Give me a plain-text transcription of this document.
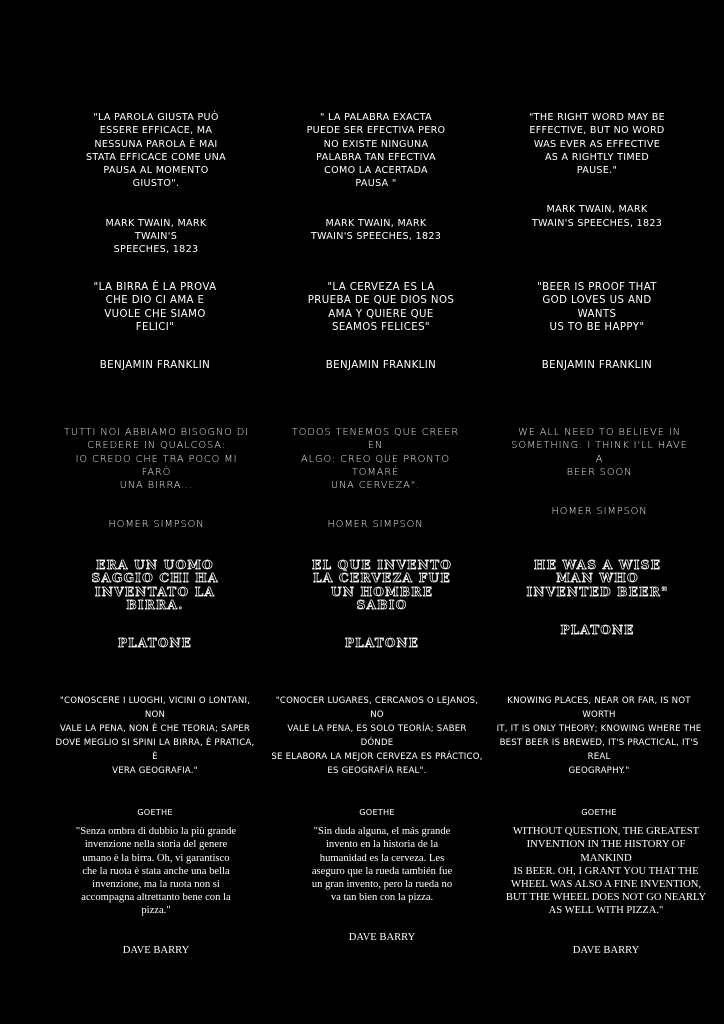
"LA PAROLA GIUSTA PUÒ
ESSERE EFFICACE, MA
NESSUNA PAROLA È MAI
STATA EFFICACE COME UNA
PAUSA AL MOMENTO
GIUSTO".

MARK TWAIN, MARK TWAIN'S
SPEECHES, 1823

" LA PALABRA EXACTA
PUEDE SER EFECTIVA PERO
NO EXISTE NINGUNA
PALABRA TAN EFECTIVA
COMO LA ACERTADA
PAUSA "

MARK TWAIN, MARK
TWAIN'S SPEECHES, 1823

"THE RIGHT WORD MAY BE
EFFECTIVE, BUT NO WORD
WAS EVER AS EFFECTIVE
AS A RIGHTLY TIMED
PAUSE."

MARK TWAIN, MARK
TWAIN'S SPEECHES, 1823

"LA BIRRA È LA PROVA
CHE DIO CI AMA E
VUOLE CHE SIAMO
FELICI"

BENJAMIN FRANKLIN

"LA CERVEZA ES LA
PRUEBA DE QUE DIOS NOS
AMA Y QUIERE QUE
SEAMOS FELICES"

BENJAMIN FRANKLIN

"BEER IS PROOF THAT
GOD LOVES US AND
WANTS
US TO BE HAPPY"

BENJAMIN FRANKLIN

TUTTI NOI ABBIAMO BISOGNO DI
CREDERE IN QUALCOSA:
IO CREDO CHE TRA POCO MI FARÒ
UNA BIRRA...

HOMER SIMPSON

TODOS TENEMOS QUE CREER EN
ALGO: CREO QUE PRONTO TOMARÉ
UNA CERVEZA".

HOMER SIMPSON

WE ALL NEED TO BELIEVE IN
SOMETHING: I THINK I'LL HAVE A
BEER SOON

HOMER SIMPSON

ERA UN UOMO
SAGGIO CHI HA
INVENTATO LA
BIRRA.

PLATONE

EL QUE INVENTO
LA CERVEZA FUE
UN HOMBRE
SABIO

PLATONE

HE WAS A WISE
MAN WHO
INVENTED BEER"

PLATONE

"CONOSCERE I LUOGHI, VICINI O LONTANI, NON
VALE LA PENA, NON È CHE TEORIA; SAPER
DOVE MEGLIO SI SPINI LA BIRRA, È PRATICA, È
VERA GEOGRAFIA."

GOETHE

"CONOCER LUGARES, CERCANOS O LEJANOS, NO
VALE LA PENA, ES SOLO TEORÍA; SABER DÓNDE
SE ELABORA LA MEJOR CERVEZA ES PRÁCTICO,
ES GEOGRAFÍA REAL".

GOETHE

KNOWING PLACES, NEAR OR FAR, IS NOT WORTH
IT, IT IS ONLY THEORY; KNOWING WHERE THE
BEST BEER IS BREWED, IT'S PRACTICAL, IT'S REAL
GEOGRAPHY."

GOETHE

"Senza ombra di dubbio la più grande
invenzione nella storia del genere
umano è la birra. Oh, vi garantisco
che la ruota è stata anche una bella
invenzione, ma la ruota non si
accompagna altrettanto bene con la
pizza."

DAVE BARRY

"Sin duda alguna, el más grande
invento en la historia de la
humanidad es la cerveza. Les
aseguro que la rueda también fue
un gran invento, pero la rueda no
va tan bien con la pizza.

DAVE BARRY

WITHOUT QUESTION, THE GREATEST
INVENTION IN THE HISTORY OF MANKIND
IS BEER. OH, I GRANT YOU THAT THE
WHEEL WAS ALSO A FINE INVENTION,
BUT THE WHEEL DOES NOT GO NEARLY
AS WELL WITH PIZZA."

DAVE BARRY
